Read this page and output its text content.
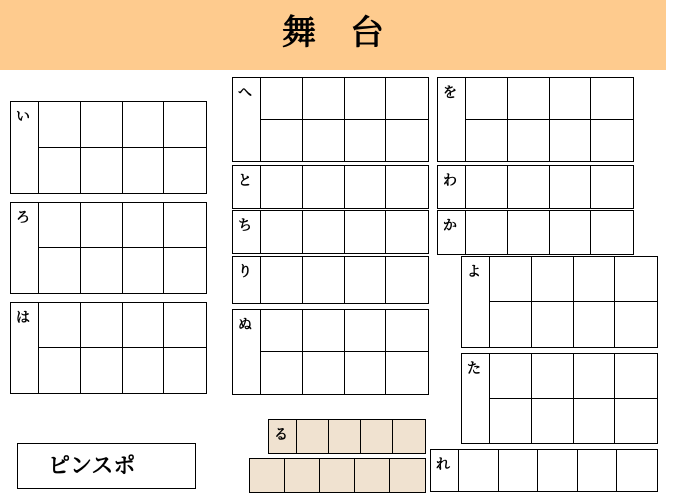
舞　台
い
ろ
は
へ
と
ち
り
ぬ
を
わ
か
よ
た
る
れ
ピンスポ
